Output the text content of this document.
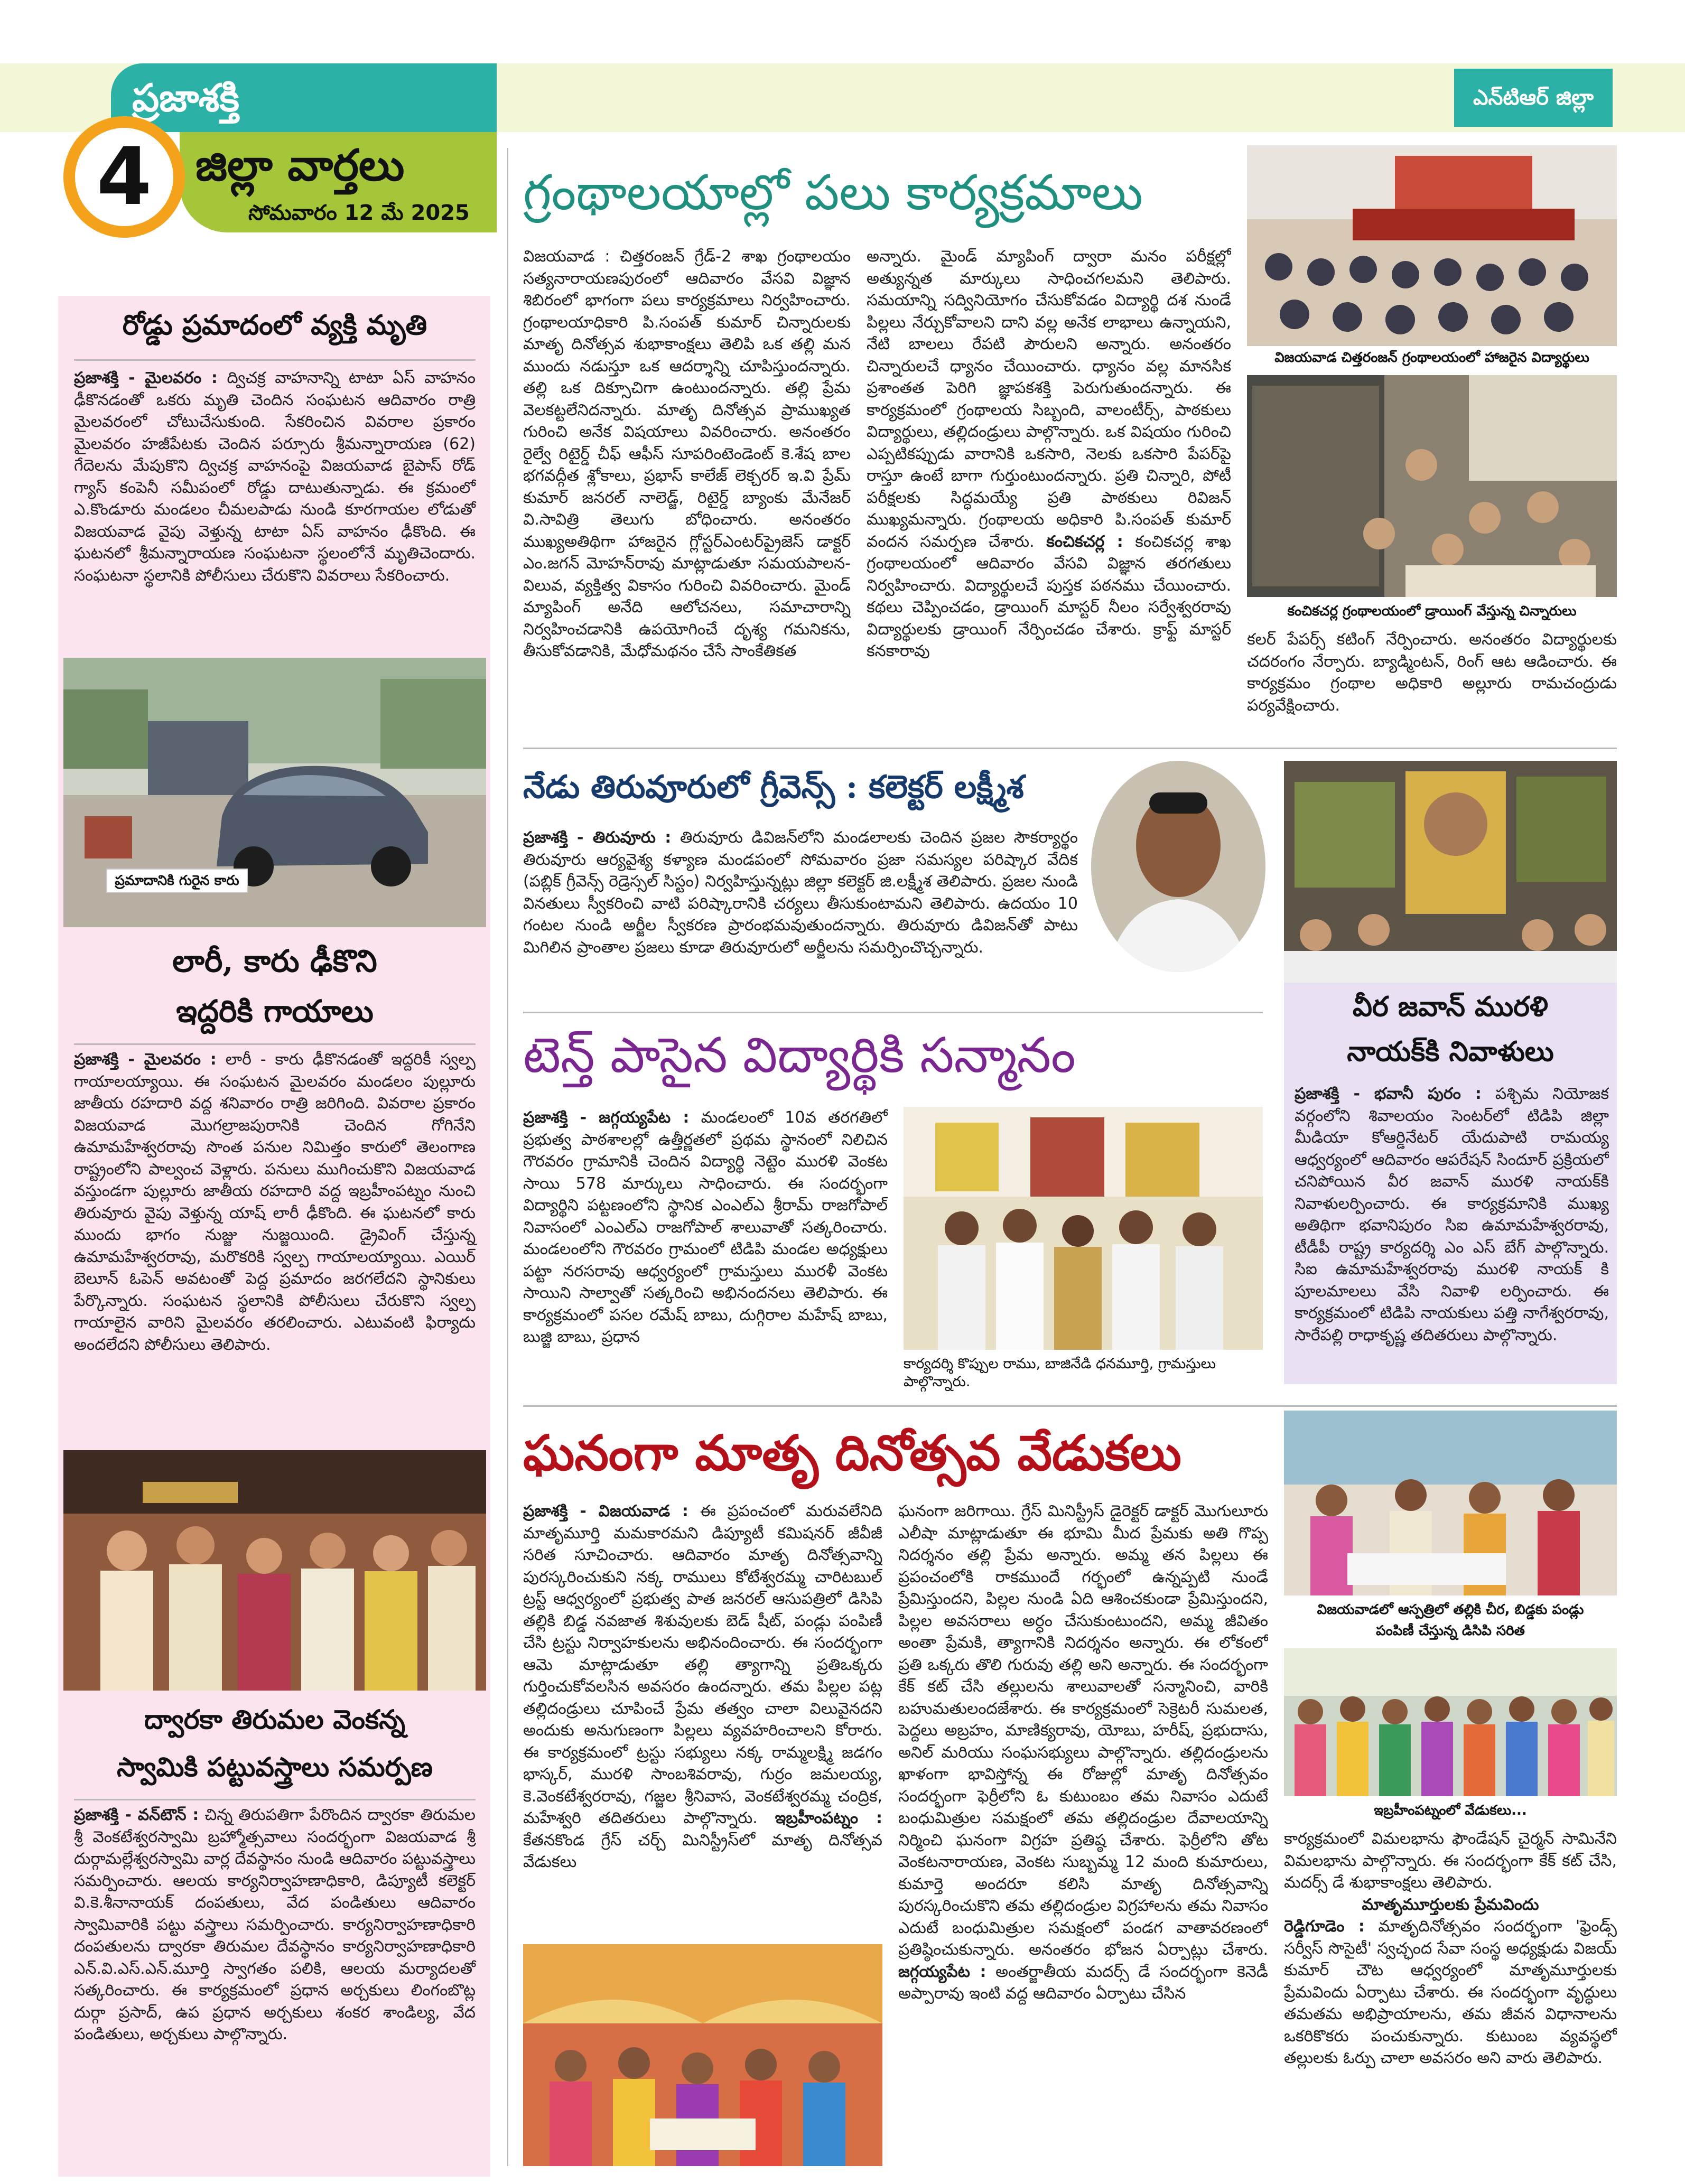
ప్రజాశక్తి	ఎన్‌టిఆర్ జిల్లా
4	జిల్లా వార్తలు
సోమవారం 12 మే 2025
రోడ్డు ప్రమాదంలో వ్యక్తి మృతి
ప్రజాశక్తి - మైలవరం : ద్విచక్ర వాహనాన్ని టాటా ఏస్ వాహనం ఢీకొనడంతో ఒకరు మృతి చెందిన సంఘటన ఆదివారం రాత్రి మైలవరంలో చోటుచేసుకుంది. సేకరించిన వివరాల ప్రకారం మైలవరం హజీపేటకు చెందిన పర్సూరు శ్రీమన్నారాయణ (62) గేదెలను మేపుకొని ద్విచక్ర వాహనంపై విజయవాడ బైపాస్ రోడ్ గ్యాస్ కంపెనీ సమీపంలో రోడ్డు దాటుతున్నాడు. ఈ క్రమంలో ఎ.కొండూరు మండలం చీమలపాడు నుండి కూరగాయల లోడుతో విజయవాడ వైపు వెళ్తున్న టాటా ఏస్ వాహనం ఢీకొంది. ఈ ఘటనలో శ్రీమన్నారాయణ సంఘటనా స్థలంలోనే మృతిచెందారు. సంఘటనా స్థలానికి పోలీసులు చేరుకొని వివరాలు సేకరించారు.
ప్రమాదానికి గురైన కారు
లారీ, కారు ఢీకొని
ఇద్దరికి గాయాలు
ప్రజాశక్తి - మైలవరం : లారీ - కారు ఢీకొనడంతో ఇద్దరికీ స్వల్ప గాయాలయ్యాయి. ఈ సంఘటన మైలవరం మండలం పుల్లూరు జాతీయ రహదారి వద్ద శనివారం రాత్రి జరిగింది. వివరాల ప్రకారం విజయవాడ మొగల్రాజపురానికి చెందిన గోగినేని ఉమామహేశ్వరరావు సొంత పనుల నిమిత్తం కారులో తెలంగాణ రాష్ట్రంలోని పాల్వంచ వెళ్లారు. పనులు ముగించుకొని విజయవాడ వస్తుండగా పుల్లూరు జాతీయ రహదారి వద్ద ఇబ్రహీంపట్నం నుంచి తిరువూరు వైపు వెళ్తున్న యాష్ లారీ ఢీకొంది. ఈ ఘటనలో కారు ముందు భాగం నుజ్జు నుజ్జయింది. డ్రైవింగ్ చేస్తున్న ఉమామహేశ్వరరావు, మరొకరికి స్వల్ప గాయాలయ్యాయి. ఎయిర్ బెలూన్ ఓపెన్ అవటంతో పెద్ద ప్రమాదం జరగలేదని స్థానికులు పేర్కొన్నారు. సంఘటన స్థలానికి పోలీసులు చేరుకొని స్వల్ప గాయాలైన వారిని మైలవరం తరలించారు. ఎటువంటి ఫిర్యాదు అందలేదని పోలీసులు తెలిపారు.
ద్వారకా తిరుమల వెంకన్న
స్వామికి పట్టువస్త్రాలు సమర్పణ
ప్రజాశక్తి - వన్‌టౌన్ : చిన్న తిరుపతిగా పేరొందిన ద్వారకా తిరుమల శ్రీ వెంకటేశ్వరస్వామి బ్రహ్మోత్సవాలు సందర్భంగా విజయవాడ శ్రీ దుర్గామల్లేశ్వరస్వామి వార్ల దేవస్థానం నుండి ఆదివారం పట్టువస్త్రాలు సమర్పించారు. ఆలయ కార్యనిర్వాహణాధికారి, డిప్యూటీ కలెక్టర్ వి.కె.శీనానాయక్ దంపతులు, వేద పండితులు ఆదివారం స్వామివారికి పట్టు వస్త్రాలు సమర్పించారు. కార్యనిర్వాహణాధికారి దంపతులను ద్వారకా తిరుమల దేవస్థానం కార్యనిర్వాహణాధికారి ఎన్.వి.ఎస్.ఎన్.మూర్తి స్వాగతం పలికి, ఆలయ మర్యాదలతో సత్కరించారు. ఈ కార్యక్రమంలో ప్రధాన అర్చకులు లింగంబొట్ల దుర్గా ప్రసాద్, ఉప ప్రధాన అర్చకులు శంకర శాండిల్య, వేద పండితులు, అర్చకులు పాల్గొన్నారు.
గ్రంథాలయాల్లో పలు కార్యక్రమాలు
విజయవాడ : చిత్తరంజన్ గ్రేడ్-2 శాఖ గ్రంథాలయం సత్యనారాయణపురంలో ఆదివారం వేసవి విజ్ఞాన శిబిరంలో భాగంగా పలు కార్యక్రమాలు నిర్వహించారు. గ్రంథాలయాధికారి పి.సంపత్ కుమార్ చిన్నారులకు మాతృ దినోత్సవ శుభాకాంక్షలు తెలిపి ఒక తల్లి మన ముందు నడుస్తూ ఒక ఆదర్శాన్ని చూపిస్తుందన్నారు. తల్లి ఒక దిక్సూచిగా ఉంటుందన్నారు. తల్లి ప్రేమ వెలకట్టలేనిదన్నారు. మాతృ దినోత్సవ ప్రాముఖ్యత గురించి అనేక విషయాలు వివరించారు. అనంతరం రైల్వే రిటైర్డ్ చీఫ్ ఆఫీస్ సూపరింటెండెంట్ కె.శేష బాల భగవద్గీత శ్లోకాలు, ప్రభాస్ కాలేజ్ లెక్చరర్ ఇ.వి ప్రేమ్ కుమార్ జనరల్ నాలెడ్జ్, రిటైర్డ్ బ్యాంకు మేనేజర్ వి.సావిత్రి తెలుగు బోధించారు. అనంతరం ముఖ్యఅతిథిగా హాజరైన గ్లోస్టర్‌ఎంటర్‌ప్రైజెస్ డాక్టర్ ఎం.జగన్ మోహన్‌రావు మాట్లాడుతూ సమయపాలన-విలువ, వ్యక్తిత్వ వికాసం గురించి వివరించారు. మైండ్ మ్యాపింగ్ అనేది ఆలోచనలు, సమాచారాన్ని నిర్వహించడానికి ఉపయోగించే దృశ్య గమనికను, తీసుకోవడానికి, మేధోమథనం చేసే సాంకేతికత
అన్నారు. మైండ్ మ్యాపింగ్ ద్వారా మనం పరీక్షల్లో అత్యున్నత మార్కులు సాధించగలమని తెలిపారు. సమయాన్ని సద్వినియోగం చేసుకోవడం విద్యార్థి దశ నుండే పిల్లలు నేర్చుకోవాలని దాని వల్ల అనేక లాభాలు ఉన్నాయని, నేటి బాలలు రేపటి పౌరులని అన్నారు. అనంతరం చిన్నారులచే ధ్యానం చేయించారు. ధ్యానం వల్ల మానసిక ప్రశాంతత పెరిగి జ్ఞాపకశక్తి పెరుగుతుందన్నారు. ఈ కార్యక్రమంలో గ్రంథాలయ సిబ్బంది, వాలంటీర్స్, పాఠకులు విద్యార్థులు, తల్లిదండ్రులు పాల్గొన్నారు. ఒక విషయం గురించి ఎప్పటికప్పుడు వారానికి ఒకసారి, నెలకు ఒకసారి పేపర్‌పై రాస్తూ ఉంటే బాగా గుర్తుంటుందన్నారు. ప్రతి చిన్నారి, పోటీ పరీక్షలకు సిద్ధమయ్యే ప్రతి పాఠకులు రివిజన్ ముఖ్యమన్నారు. గ్రంథాలయ అధికారి పి.సంపత్ కుమార్ వందన సమర్పణ చేశారు. కంచికచర్ల : కంచికచర్ల శాఖ గ్రంథాలయంలో ఆదివారం వేసవి విజ్ఞాన తరగతులు నిర్వహించారు. విద్యార్థులచే పుస్తక పఠనము చేయించారు. కథలు చెప్పించడం, డ్రాయింగ్ మాస్టర్ నీలం సర్వేశ్వరరావు విద్యార్థులకు డ్రాయింగ్ నేర్పించడం చేశారు. క్రాఫ్ట్ మాస్టర్ కనకారావు
విజయవాడ చిత్తరంజన్ గ్రంథాలయంలో హాజరైన విద్యార్థులు
కంచికచర్ల గ్రంథాలయంలో డ్రాయింగ్ వేస్తున్న చిన్నారులు
కలర్ పేపర్స్ కటింగ్ నేర్పించారు. అనంతరం విద్యార్థులకు చదరంగం నేర్పారు. బ్యాడ్మింటన్, రింగ్ ఆట ఆడించారు. ఈ కార్యక్రమం గ్రంథాల అధికారి అల్లూరు రామచంద్రుడు పర్యవేక్షించారు.
నేడు తిరువూరులో గ్రీవెన్స్ : కలెక్టర్ లక్ష్మీశ
ప్రజాశక్తి - తిరువూరు : తిరువూరు డివిజన్‌లోని మండలాలకు చెందిన ప్రజల సౌకర్యార్థం తిరువూరు ఆర్యవైశ్య కళ్యాణ మండపంలో సోమవారం ప్రజా సమస్యల పరిష్కార వేదిక (పబ్లిక్ గ్రీవెన్స్ రెడ్రెస్సల్ సిస్టం) నిర్వహిస్తున్నట్లు జిల్లా కలెక్టర్ జి.లక్ష్మీశ తెలిపారు. ప్రజల నుండి వినతులు స్వీకరించి వాటి పరిష్కారానికి చర్యలు తీసుకుంటామని తెలిపారు. ఉదయం 10 గంటల నుండి అర్జీల స్వీకరణ ప్రారంభమవుతుందన్నారు. తిరువూరు డివిజన్‌తో పాటు మిగిలిన ప్రాంతాల ప్రజలు కూడా తిరువూరులో అర్జీలను సమర్పించొచ్చన్నారు.
టెన్త్ పాసైన విద్యార్థికి సన్మానం
ప్రజాశక్తి - జగ్గయ్యపేట : మండలంలో 10వ తరగతిలో ప్రభుత్వ పాఠశాలల్లో ఉత్తీర్ణతలో ప్రథమ స్థానంలో నిలిచిన గౌరవరం గ్రామానికి చెందిన విద్యార్థి నెట్టెం మురళి వెంకట సాయి 578 మార్కులు సాధించారు. ఈ సందర్భంగా విద్యార్థిని పట్టణంలోని స్థానిక ఎంఎల్ఎ శ్రీరామ్ రాజగోపాల్ నివాసంలో ఎంఎల్ఎ రాజగోపాల్ శాలువాతో సత్కరించారు. మండలంలోని గౌరవరం గ్రామంలో టిడిపి మండల అధ్యక్షులు పట్టా నరసరావు ఆధ్వర్యంలో గ్రామస్తులు మురళీ వెంకట సాయిని సాల్వాతో సత్కరించి అభినందనలు తెలిపారు. ఈ కార్యక్రమంలో పసల రమేష్ బాబు, దుగ్గిరాల మహేష్ బాబు, బుజ్జి బాబు, ప్రధాన
కార్యదర్శి కొప్పుల రాము, బాజినేడి ధనమూర్తి, గ్రామస్తులు పాల్గొన్నారు.
వీర జవాన్ మురళి
నాయక్‌కి నివాళులు
ప్రజాశక్తి - భవానీ పురం : పశ్చిమ నియోజక వర్గంలోని శివాలయం సెంటర్‌లో టిడిపి జిల్లా మీడియా కోఆర్డినేటర్ యేదుపాటి రామయ్య ఆధ్వర్యంలో ఆదివారం ఆపరేషన్ సిందూర్ ప్రక్రియలో చనిపోయిన వీర జవాన్ మురళి నాయక్‌కి నివాళులర్పించారు. ఈ కార్యక్రమానికి ముఖ్య అతిథిగా భవానిపురం సిఐ ఉమామహేశ్వరరావు, టీడీపీ రాష్ట్ర కార్యదర్శి ఎం ఎస్ బేగ్ పాల్గొన్నారు. సిఐ ఉమామహేశ్వరరావు మురళి నాయక్ కి పూలమాలలు వేసి నివాళి లర్పించారు. ఈ కార్యక్రమంలో టిడిపి నాయకులు పత్తి నాగేశ్వరరావు, సారేపల్లి రాధాకృష్ణ తదితరులు పాల్గొన్నారు.
ఘనంగా మాతృ దినోత్సవ వేడుకలు
ప్రజాశక్తి - విజయవాడ : ఈ ప్రపంచంలో మరువలేనిది మాతృమూర్తి మమకారమని డిప్యూటీ కమిషనర్ జీవీజీ సరిత సూచించారు. ఆదివారం మాతృ దినోత్సవాన్ని పురస్కరించుకుని నక్క రాములు కోటేశ్వరమ్మ చారిటబుల్ ట్రస్ట్ ఆధ్వర్యంలో ప్రభుత్వ పాత జనరల్ ఆసుపత్రిలో డిసిపి తల్లికి బిడ్డ నవజాత శిశువులకు బెడ్ షీట్, పండ్లు పంపిణీ చేసి ట్రస్టు నిర్వాహకులను అభినందించారు. ఈ సందర్భంగా ఆమె మాట్లాడుతూ తల్లి త్యాగాన్ని ప్రతిఒక్కరు గుర్తించుకోవలసిన అవసరం ఉందన్నారు. తమ పిల్లల పట్ల తల్లిదండ్రులు చూపించే ప్రేమ తత్వం చాలా విలువైనదని అందుకు అనుగుణంగా పిల్లలు వ్యవహరించాలని కోరారు. ఈ కార్యక్రమంలో ట్రస్టు సభ్యులు నక్క రామ్మలక్ష్మి జడగం భాస్కర్, మురళి సాంబశివరావు, గుర్రం జమలయ్య, కె.వెంకటేశ్వరరావు, గజ్జల శ్రీనివాస, వెంకటేశ్వరమ్మ చంద్రిక, మహేశ్వరి తదితరులు పాల్గొన్నారు. ఇబ్రహీంపట్నం : కేతనకొండ గ్రేస్ చర్చ్ మినిస్ట్రీస్‌లో మాతృ దినోత్సవ వేడుకలు
ఘనంగా జరిగాయి. గ్రేస్ మినిస్ట్రీస్ డైరెక్టర్ డాక్టర్ మొగులూరు ఎలీషా మాట్లాడుతూ ఈ భూమి మీద ప్రేమకు అతి గొప్ప నిదర్శనం తల్లి ప్రేమ అన్నారు. అమ్మ తన పిల్లలు ఈ ప్రపంచంలోకి రాకముందే గర్భంలో ఉన్నప్పటి నుండే ప్రేమిస్తుందని, పిల్లల నుండి ఏది ఆశించకుండా ప్రేమిస్తుందని, పిల్లల అవసరాలు అర్ధం చేసుకుంటుందని, అమ్మ జీవితం అంతా ప్రేమకి, త్యాగానికి నిదర్శనం అన్నారు. ఈ లోకంలో ప్రతి ఒక్కరు తొలి గురువు తల్లి అని అన్నారు. ఈ సందర్భంగా కేక్ కట్ చేసి తల్లులను శాలువాలతో సన్మానించి, వారికి బహుమతులందజేశారు. ఈ కార్యక్రమంలో సెక్రెటరీ సుమలత, పెద్దలు అబ్రహం, మాణిక్యరావు, యోబు, హరీష్, ప్రభుదాసు, అనిల్ మరియు సంఘసభ్యులు పాల్గొన్నారు. తల్లిదండ్రులను ఖాళంగా భావిస్తోన్న ఈ రోజుల్లో మాతృ దినోత్సవం సందర్భంగా ఫెర్రీలోని ఓ కుటుంబం తమ నివాసం ఎదుటే బంధుమిత్రుల సమక్షంలో తమ తల్లిదండ్రుల దేవాలయాన్ని నిర్మించి ఘనంగా విగ్రహ ప్రతిష్ఠ చేశారు. ఫెర్రీలోని తోట వెంకటనారాయణ, వెంకట సుబ్బమ్మ 12 మంది కుమారులు, కుమార్తె అందరూ కలిసి మాతృ దినోత్సవాన్ని పురస్కరించుకొని తమ తల్లిదండ్రుల విగ్రహాలను తమ నివాసం ఎదుటే బంధుమిత్రుల సమక్షంలో పండగ వాతావరణంలో ప్రతిష్ఠించుకున్నారు. అనంతరం భోజన ఏర్పాట్లు చేశారు. జగ్గయ్యపేట : అంతర్జాతీయ మదర్స్ డే సందర్భంగా కెనెడీ అప్పారావు ఇంటి వద్ద ఆదివారం ఏర్పాటు చేసిన
విజయవాడలో ఆస్పత్రిలో తల్లికి చీర, బిడ్డకు పండ్లు
పంపిణీ చేస్తున్న డిసిపి సరిత
ఇబ్రహీంపట్నంలో వేడుకలు...
కార్యక్రమంలో విమలభాను ఫౌండేషన్ చైర్మన్ సామినేని విమలభాను పాల్గొన్నారు. ఈ సందర్భంగా కేక్ కట్ చేసి, మదర్స్ డే శుభాకాంక్షలు తెలిపారు.
మాతృమూర్తులకు ప్రేమవిందు
రెడ్డిగూడెం : మాతృదినోత్సవం సందర్భంగా 'ఫ్రెండ్స్ సర్వీస్ సొసైటీ' స్వచ్ఛంద సేవా సంస్థ అధ్యక్షుడు విజయ్ కుమార్ చౌట ఆధ్వర్యంలో మాతృమూర్తులకు ప్రేమవిందు ఏర్పాటు చేశారు. ఈ సందర్భంగా వృద్ధులు తమతమ అభిప్రాయాలను, తమ జీవన విధానాలను ఒకరికొకరు పంచుకున్నారు. కుటుంబ వ్యవస్థలో తల్లులకు ఓర్పు చాలా అవసరం అని వారు తెలిపారు.
